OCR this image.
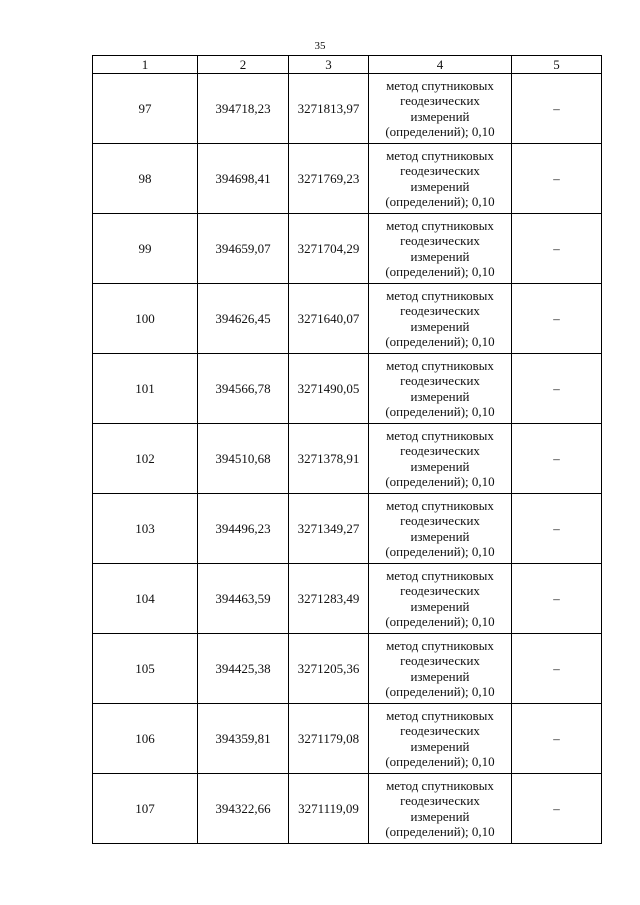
35
1	2	3	4	5
97	394718,23	3271813,97	метод спутниковых геодезических измерений (определений); 0,10	–
98	394698,41	3271769,23	метод спутниковых геодезических измерений (определений); 0,10	–
99	394659,07	3271704,29	метод спутниковых геодезических измерений (определений); 0,10	–
100	394626,45	3271640,07	метод спутниковых геодезических измерений (определений); 0,10	–
101	394566,78	3271490,05	метод спутниковых геодезических измерений (определений); 0,10	–
102	394510,68	3271378,91	метод спутниковых геодезических измерений (определений); 0,10	–
103	394496,23	3271349,27	метод спутниковых геодезических измерений (определений); 0,10	–
104	394463,59	3271283,49	метод спутниковых геодезических измерений (определений); 0,10	–
105	394425,38	3271205,36	метод спутниковых геодезических измерений (определений); 0,10	–
106	394359,81	3271179,08	метод спутниковых геодезических измерений (определений); 0,10	–
107	394322,66	3271119,09	метод спутниковых геодезических измерений (определений); 0,10	–
